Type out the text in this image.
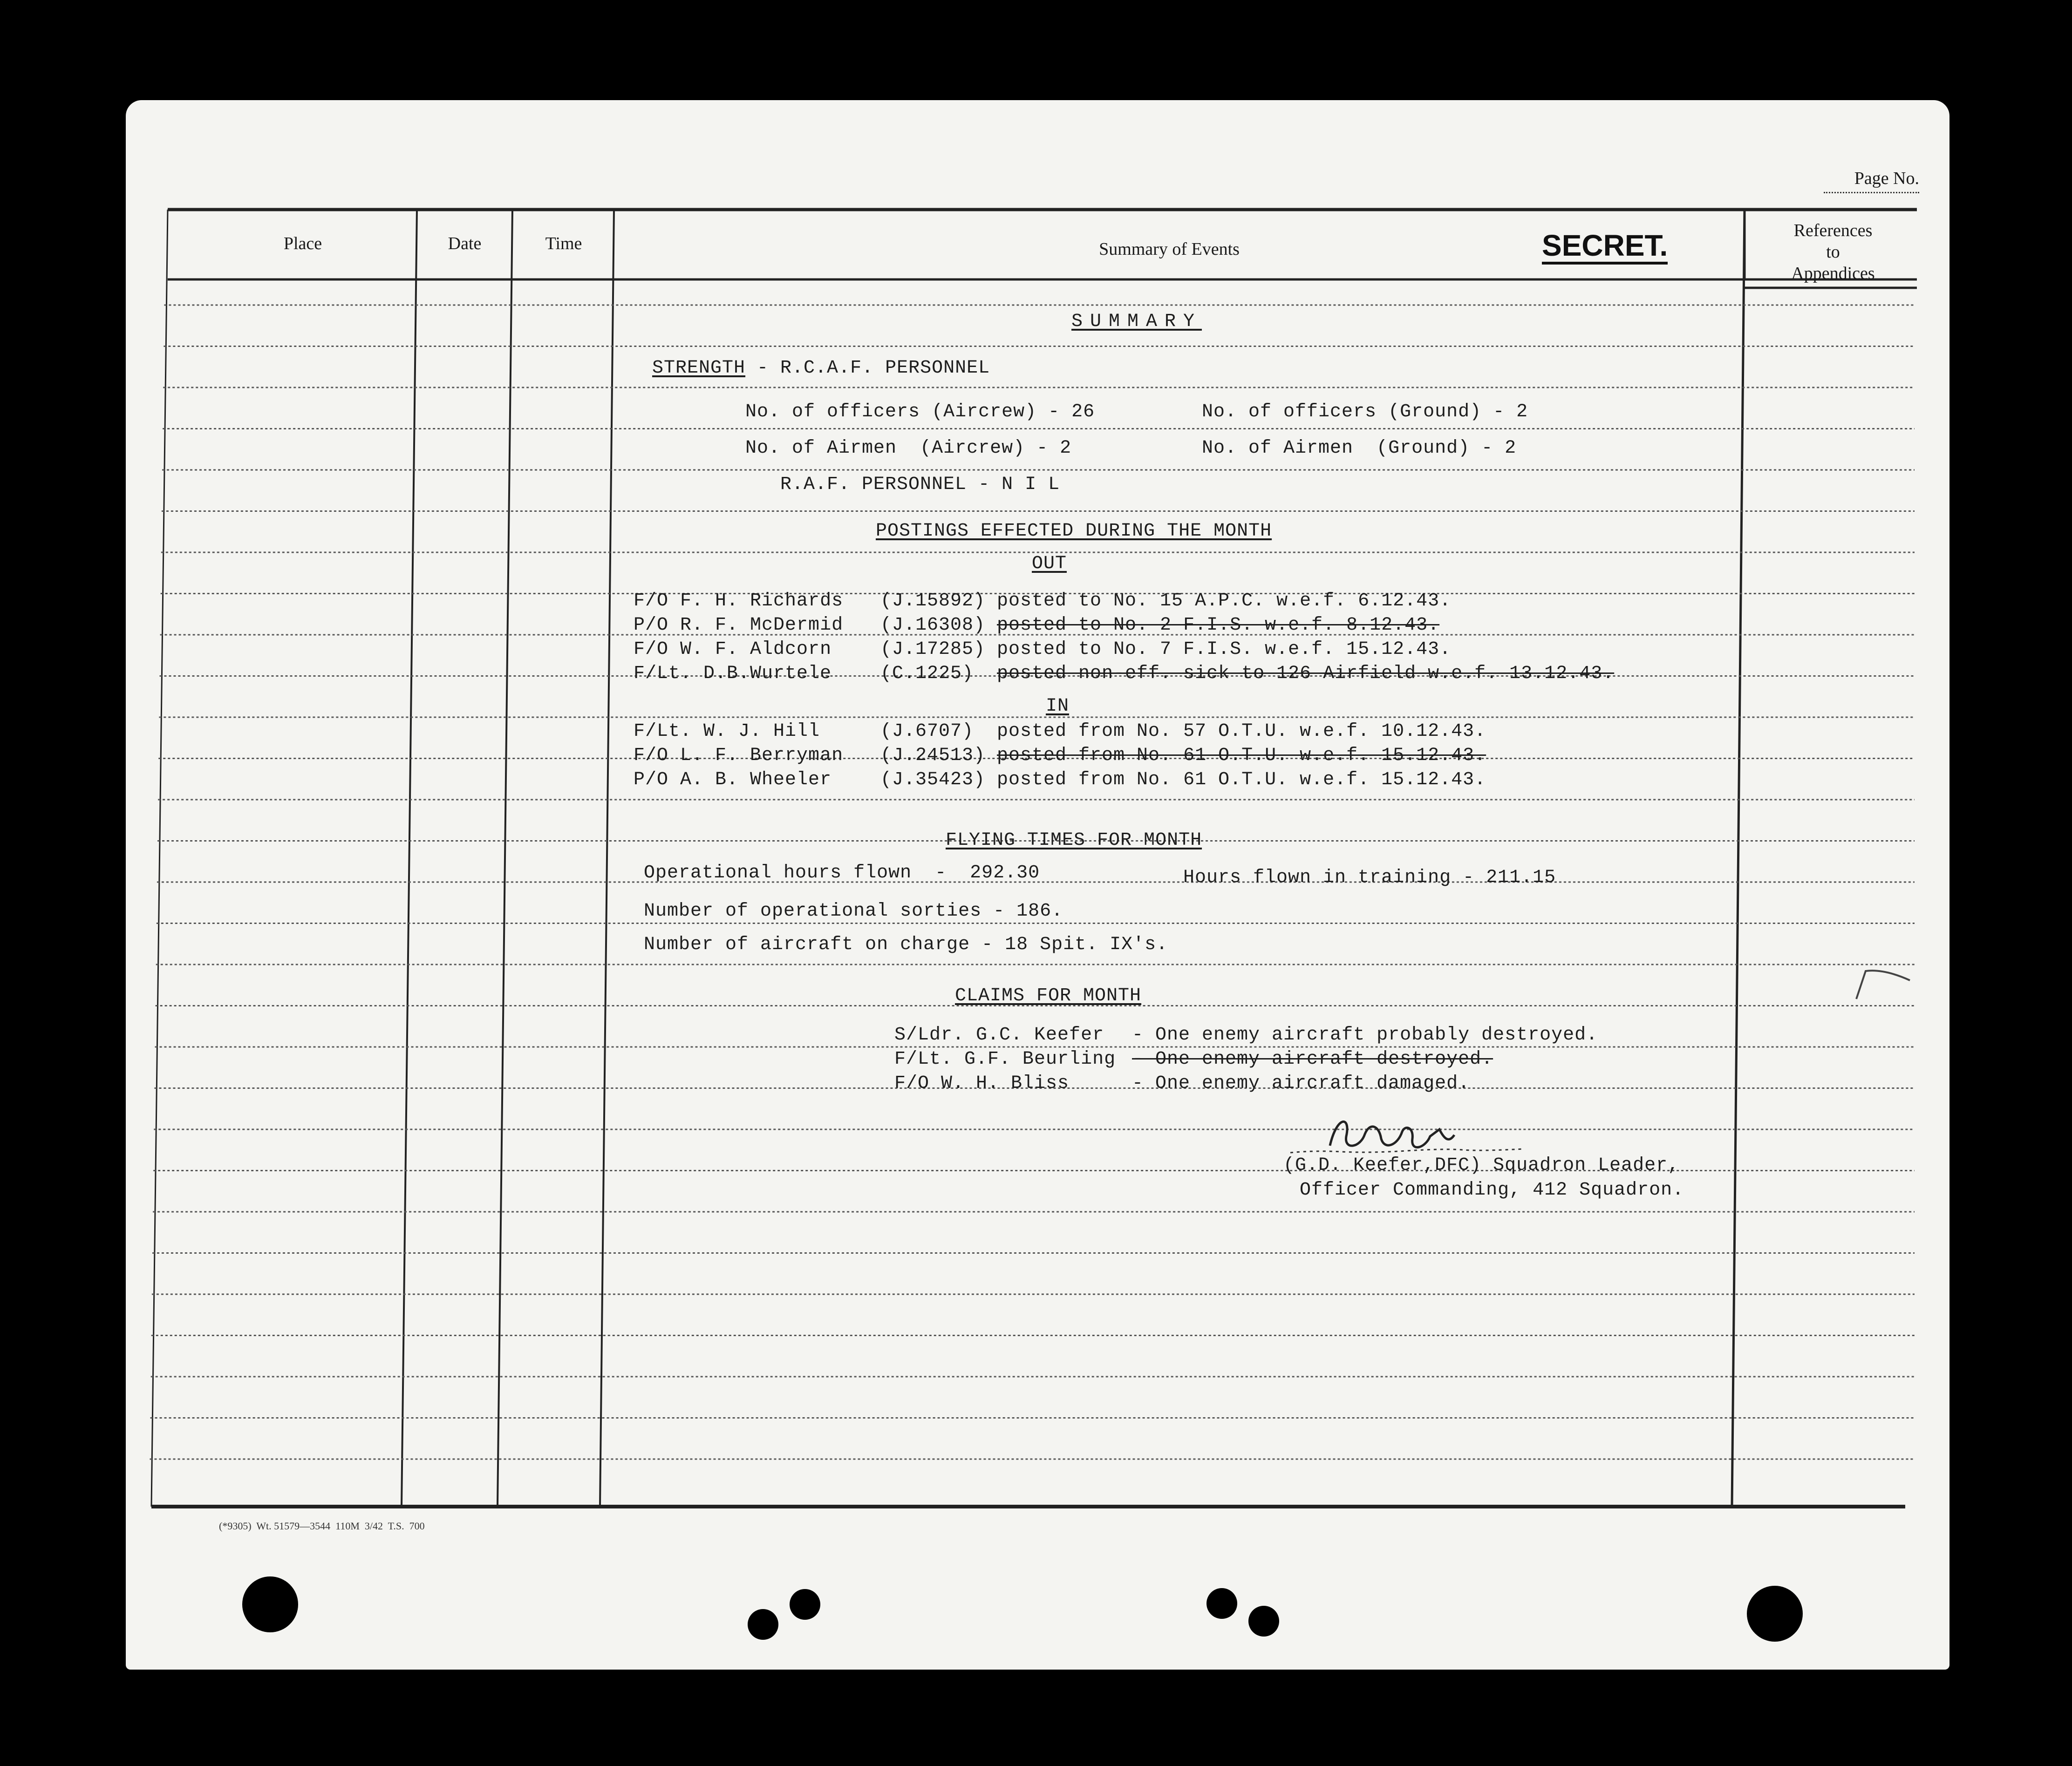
Page No.
Place	Date	Time	Summary of Events	SECRET.	References
to
Appendices
SUMMARY
STRENGTH - R.C.A.F. PERSONNEL
No. of officers (Aircrew) - 26	No. of officers (Ground) - 2
No. of Airmen  (Aircrew) - 2	No. of Airmen  (Ground) - 2
R.A.F. PERSONNEL - N I L
POSTINGS EFFECTED DURING THE MONTH
OUT
F/O F. H. Richards (J.15892) posted to No. 15 A.P.C. w.e.f. 6.12.43.
P/O R. F. McDermid (J.16308) posted to No. 2 F.I.S. w.e.f. 8.12.43.
F/O W. F. Aldcorn	(J.17285) posted to No. 7 F.I.S. w.e.f. 15.12.43.
F/Lt. D.B.Wurtele	(C.1225) posted non-eff. sick to 126 Airfield w.e.f. 13.12.43.
IN
F/Lt. W. J. Hill	(J.6707) posted from No. 57 O.T.U. w.e.f. 10.12.43.
F/O L. F. Berryman (J.24513) posted from No. 61 O.T.U. w.e.f. 15.12.43.
P/O A. B. Wheeler	(J.35423) posted from No. 61 O.T.U. w.e.f. 15.12.43.
FLYING TIMES FOR MONTH
Operational hours flown  -  292.30	Hours flown in training - 211.15
Number of operational sorties - 186.
Number of aircraft on charge - 18 Spit. IX's.
CLAIMS FOR MONTH
S/Ldr. G.C. Keefer - One enemy aircraft probably destroyed.
F/Lt. G.F. Beurling - One enemy aircraft destroyed.
F/O W. H. Bliss	- One enemy aircraft damaged.
(G.D. Keefer,DFC) Squadron Leader,
Officer Commanding, 412 Squadron.
(*9305)  Wt. 51579—3544  110M  3/42  T.S.  700
